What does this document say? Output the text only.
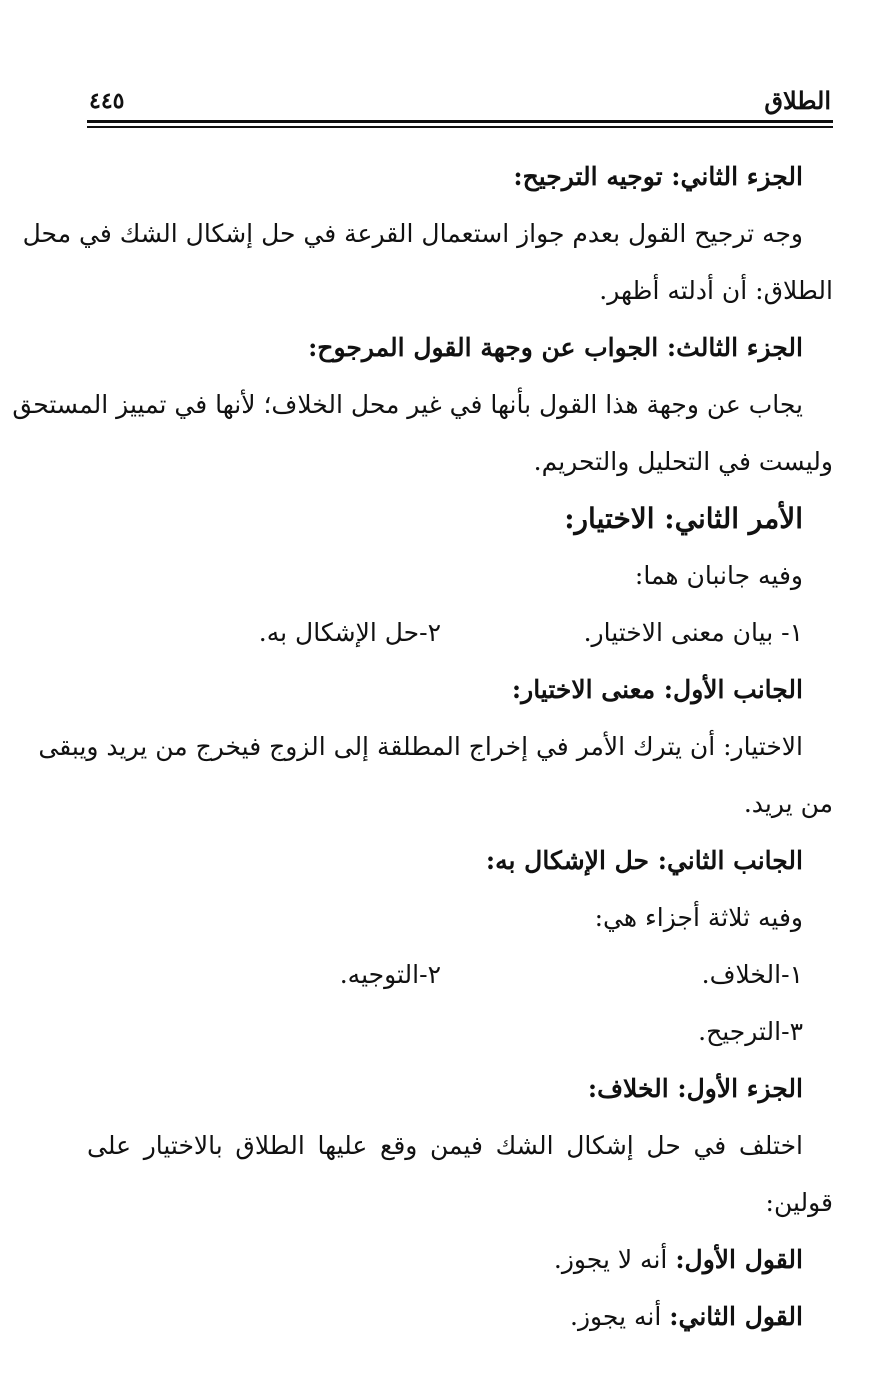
الطلاق
٤٤٥
الجزء الثاني: توجيه الترجيح:
وجه ترجيح القول بعدم جواز استعمال القرعة في حل إشكال الشك في محل
الطلاق: أن أدلته أظهر.
الجزء الثالث: الجواب عن وجهة القول المرجوح:
يجاب عن وجهة هذا القول بأنها في غير محل الخلاف؛ لأنها في تمييز المستحق
وليست في التحليل والتحريم.
الأمر الثاني: الاختيار:
وفيه جانبان هما:
١- بيان معنى الاختيار.
٢-حل الإشكال به.
الجانب الأول: معنى الاختيار:
الاختيار: أن يترك الأمر في إخراج المطلقة إلى الزوج فيخرج من يريد ويبقى
من يريد.
الجانب الثاني: حل الإشكال به:
وفيه ثلاثة أجزاء هي:
١-الخلاف.
٢-التوجيه.
٣-الترجيح.
الجزء الأول: الخلاف:
اختلف في حل إشكال الشك فيمن وقع عليها الطلاق بالاختيار على
قولين:
القول الأول: أنه لا يجوز.
القول الثاني: أنه يجوز.
